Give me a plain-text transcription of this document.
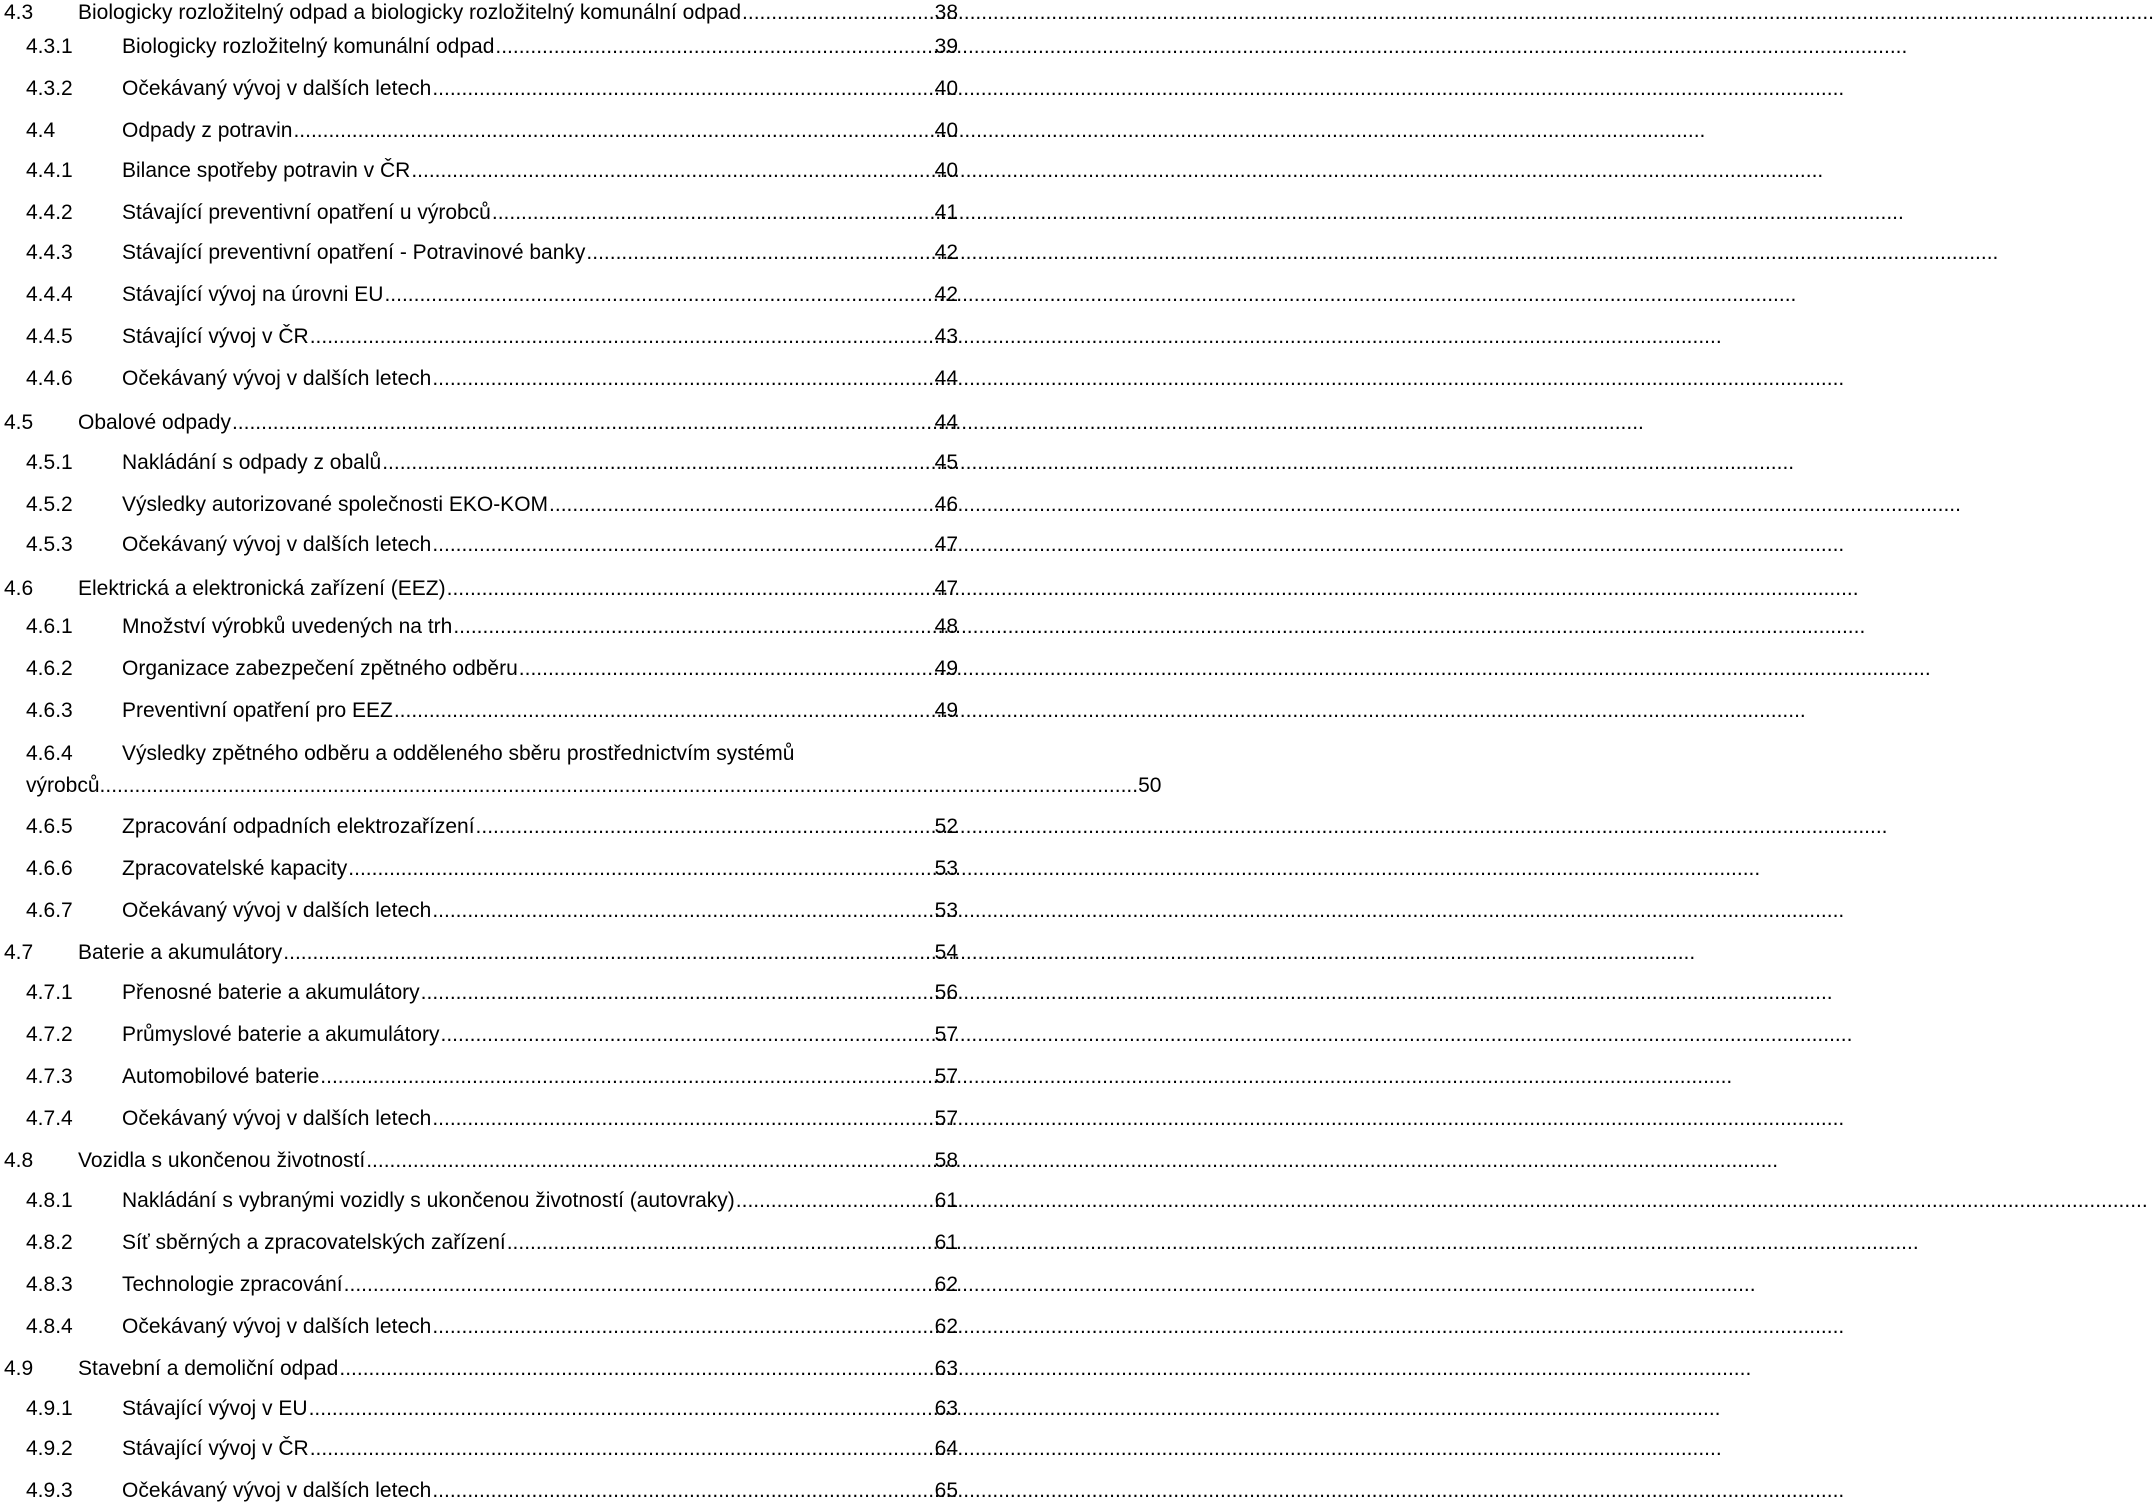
4.3	Biologicky rozložitelný odpad a biologicky rozložitelný komunální odpad .....	38
4.3.1	Biologicky rozložitelný komunální odpad .....	39
4.3.2	Očekávaný vývoj v dalších letech .....	40
4.4	Odpady z potravin .....	40
4.4.1	Bilance spotřeby potravin v ČR .....	40
4.4.2	Stávající preventivní opatření u výrobců .....	41
4.4.3	Stávající preventivní opatření - Potravinové banky .....	42
4.4.4	Stávající vývoj na úrovni EU .....	42
4.4.5	Stávající vývoj v ČR .....	43
4.4.6	Očekávaný vývoj v dalších letech .....	44
4.5	Obalové odpady .....	44
4.5.1	Nakládání s odpady z obalů .....	45
4.5.2	Výsledky autorizované společnosti EKO-KOM .....	46
4.5.3	Očekávaný vývoj v dalších letech .....	47
4.6	Elektrická a elektronická zařízení (EEZ) .....	47
4.6.1	Množství výrobků uvedených na trh .....	48
4.6.2	Organizace zabezpečení zpětného odběru .....	49
4.6.3	Preventivní opatření pro EEZ .....	49
4.6.4	Výsledky zpětného odběru a odděleného sběru prostřednictvím systémů
výrobců .....	50
4.6.5	Zpracování odpadních elektrozařízení .....	52
4.6.6	Zpracovatelské kapacity .....	53
4.6.7	Očekávaný vývoj v dalších letech .....	53
4.7	Baterie a akumulátory .....	54
4.7.1	Přenosné baterie a akumulátory .....	56
4.7.2	Průmyslové baterie a akumulátory .....	57
4.7.3	Automobilové baterie .....	57
4.7.4	Očekávaný vývoj v dalších letech .....	57
4.8	Vozidla s ukončenou životností .....	58
4.8.1	Nakládání s vybranými vozidly s ukončenou životností (autovraky) .....	61
4.8.2	Síť sběrných a zpracovatelských zařízení .....	61
4.8.3	Technologie zpracování .....	62
4.8.4	Očekávaný vývoj v dalších letech .....	62
4.9	Stavební a demoliční odpad .....	63
4.9.1	Stávající vývoj v EU .....	63
4.9.2	Stávající vývoj v ČR .....	64
4.9.3	Očekávaný vývoj v dalších letech .....	65
